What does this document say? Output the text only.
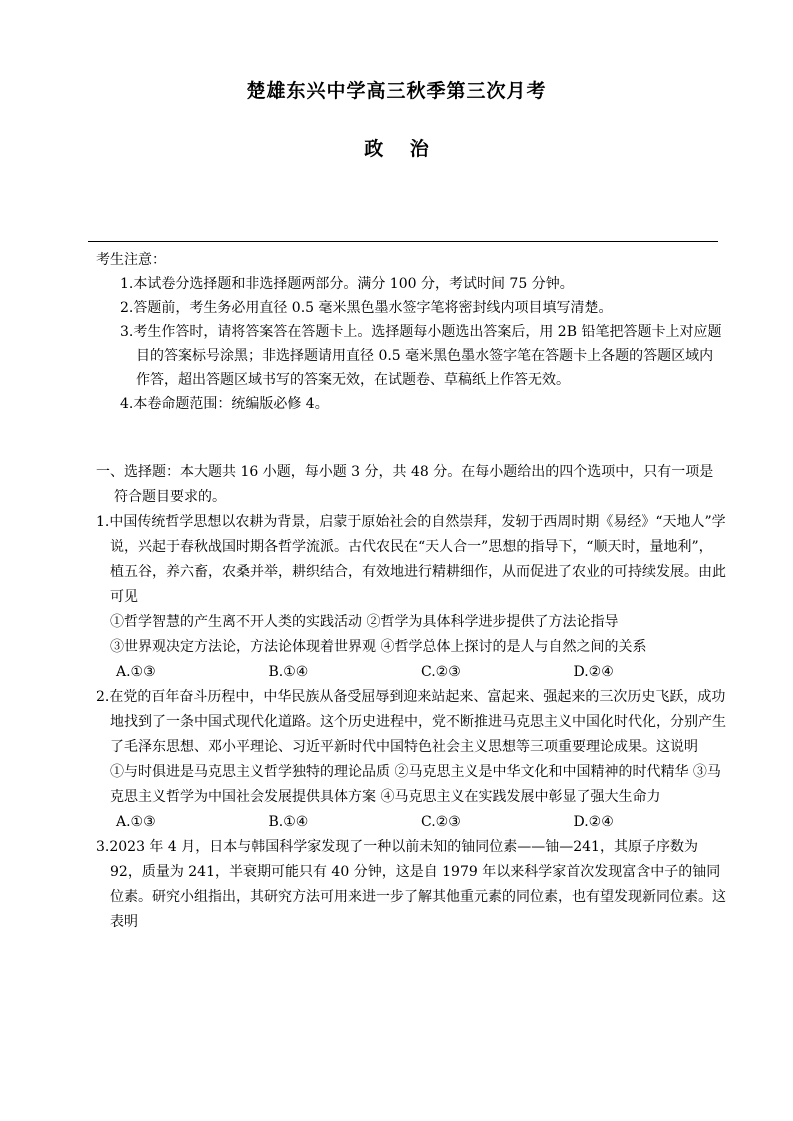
楚雄东兴中学高三秋季第三次月考
政    治
考生注意：
1.本试卷分选择题和非选择题两部分。满分 100 分，考试时间 75 分钟。
2.答题前，考生务必用直径 0.5 毫米黑色墨水签字笔将密封线内项目填写清楚。
3.考生作答时，请将答案答在答题卡上。选择题每小题选出答案后，用 2B 铅笔把答题卡上对应题目的答案标号涂黑；非选择题请用直径 0.5 毫米黑色墨水签字笔在答题卡上各题的答题区域内作答，超出答题区域书写的答案无效，在试题卷、草稿纸上作答无效。
4.本卷命题范围：统编版必修 4。
一、选择题：本大题共 16 小题，每小题 3 分，共 48 分。在每小题给出的四个选项中，只有一项是符合题目要求的。
1.中国传统哲学思想以农耕为背景，启蒙于原始社会的自然崇拜，发轫于西周时期《易经》“天地人”学说，兴起于春秋战国时期各哲学流派。古代农民在“天人合一”思想的指导下，“顺天时，量地利”，植五谷，养六畜，农桑并举，耕织结合，有效地进行精耕细作，从而促进了农业的可持续发展。由此可见
①哲学智慧的产生离不开人类的实践活动 ②哲学为具体科学进步提供了方法论指导
③世界观决定方法论，方法论体现着世界观 ④哲学总体上探讨的是人与自然之间的关系
A.①③	B.①④	C.②③	D.②④
2.在党的百年奋斗历程中，中华民族从备受屈辱到迎来站起来、富起来、强起来的三次历史飞跃，成功地找到了一条中国式现代化道路。这个历史进程中，党不断推进马克思主义中国化时代化，分别产生了毛泽东思想、邓小平理论、习近平新时代中国特色社会主义思想等三项重要理论成果。这说明
①与时俱进是马克思主义哲学独特的理论品质 ②马克思主义是中华文化和中国精神的时代精华 ③马克思主义哲学为中国社会发展提供具体方案 ④马克思主义在实践发展中彰显了强大生命力
A.①③	B.①④	C.②③	D.②④
3.2023 年 4 月，日本与韩国科学家发现了一种以前未知的铀同位素——铀—241，其原子序数为 92，质量为 241，半衰期可能只有 40 分钟，这是自 1979 年以来科学家首次发现富含中子的铀同位素。研究小组指出，其研究方法可用来进一步了解其他重元素的同位素，也有望发现新同位素。这表明
